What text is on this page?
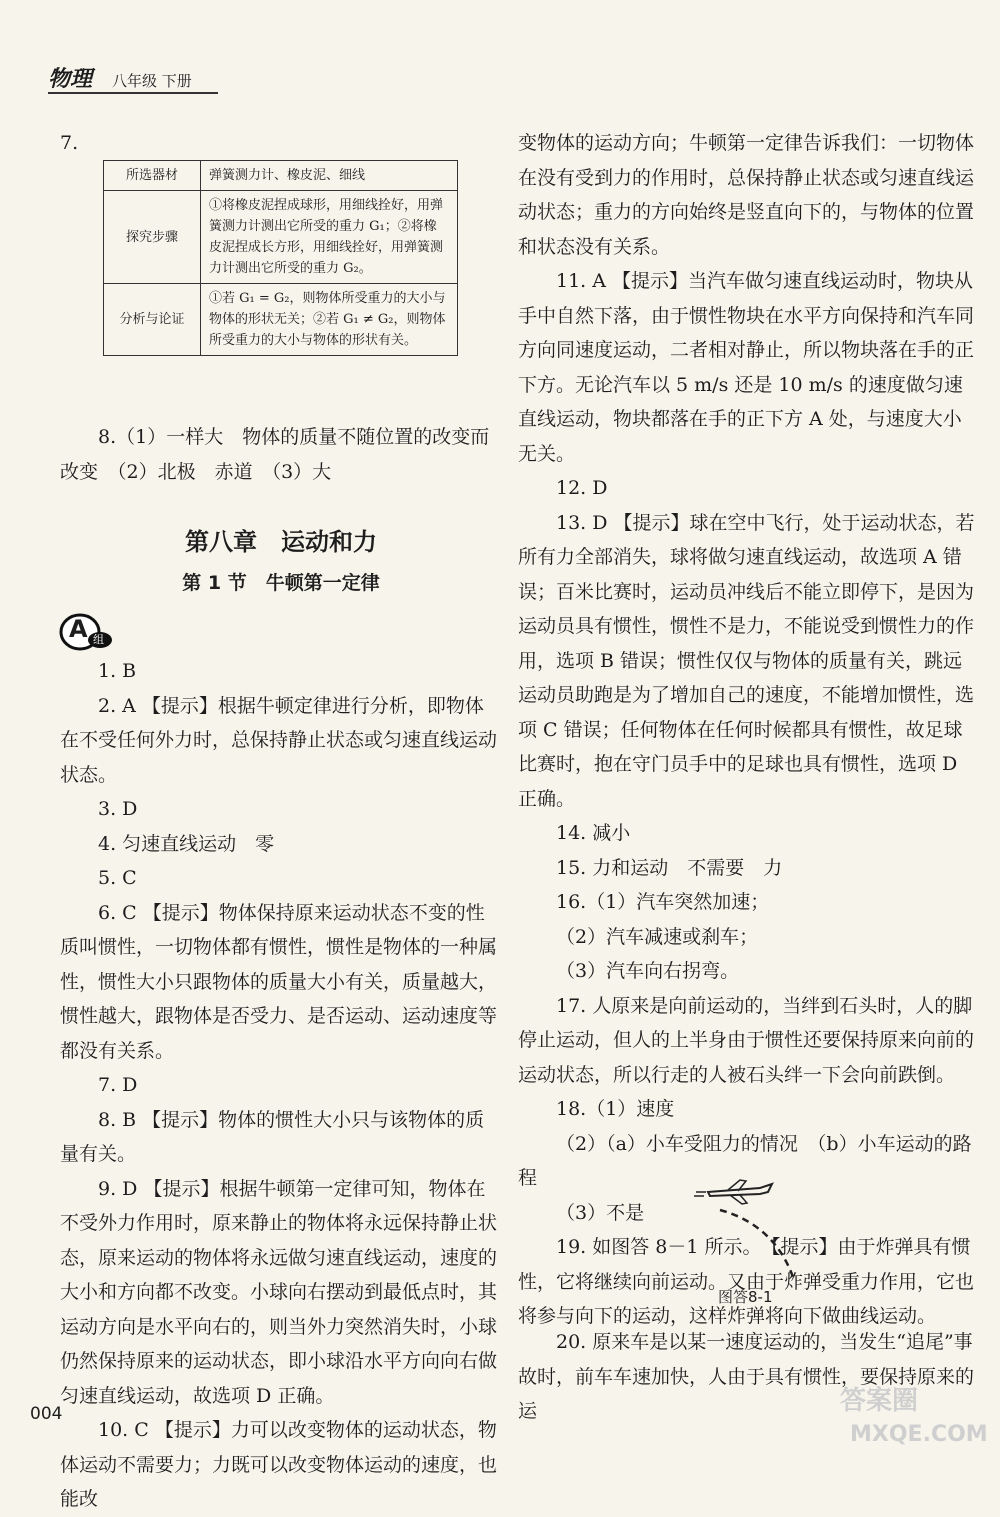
物理 八年级 下册
7.
所选器材	弹簧测力计、橡皮泥、细线
探究步骤	①将橡皮泥捏成球形，用细线拴好，用弹簧测力计测出它所受的重力 G₁；②将橡皮泥捏成长方形，用细线拴好，用弹簧测力计测出它所受的重力 G₂。
分析与论证	①若 G₁ = G₂，则物体所受重力的大小与物体的形状无关；②若 G₁ ≠ G₂，则物体所受重力的大小与物体的形状有关。

8.（1）一样大　物体的质量不随位置的改变而改变　（2）北极　赤道　（3）大

第八章　运动和力
第 1 节　牛顿第一定律
A 组

1. B

2. A 【提示】根据牛顿定律进行分析，即物体在不受任何外力时，总保持静止状态或匀速直线运动状态。

3. D

4. 匀速直线运动　零

5. C

6. C 【提示】物体保持原来运动状态不变的性质叫惯性，一切物体都有惯性，惯性是物体的一种属性，惯性大小只跟物体的质量大小有关，质量越大，惯性越大，跟物体是否受力、是否运动、运动速度等都没有关系。

7. D

8. B 【提示】物体的惯性大小只与该物体的质量有关。

9. D 【提示】根据牛顿第一定律可知，物体在不受外力作用时，原来静止的物体将永远保持静止状态，原来运动的物体将永远做匀速直线运动，速度的大小和方向都不改变。小球向右摆动到最低点时，其运动方向是水平向右的，则当外力突然消失时，小球仍然保持原来的运动状态，即小球沿水平方向向右做匀速直线运动，故选项 D 正确。

10. C 【提示】力可以改变物体的运动状态，物体运动不需要力；力既可以改变物体运动的速度，也能改

变物体的运动方向；牛顿第一定律告诉我们：一切物体在没有受到力的作用时，总保持静止状态或匀速直线运动状态；重力的方向始终是竖直向下的，与物体的位置和状态没有关系。

11. A 【提示】当汽车做匀速直线运动时，物块从手中自然下落，由于惯性物块在水平方向保持和汽车同方向同速度运动，二者相对静止，所以物块落在手的正下方。无论汽车以 5 m/s 还是 10 m/s 的速度做匀速直线运动，物块都落在手的正下方 A 处，与速度大小无关。

12. D

13. D 【提示】球在空中飞行，处于运动状态，若所有力全部消失，球将做匀速直线运动，故选项 A 错误；百米比赛时，运动员冲线后不能立即停下，是因为运动员具有惯性，惯性不是力，不能说受到惯性力的作用，选项 B 错误；惯性仅仅与物体的质量有关，跳远运动员助跑是为了增加自己的速度，不能增加惯性，选项 C 错误；任何物体在任何时候都具有惯性，故足球比赛时，抱在守门员手中的足球也具有惯性，选项 D 正确。

14. 减小

15. 力和运动　不需要　力

16.（1）汽车突然加速；

（2）汽车减速或刹车；

（3）汽车向右拐弯。

17. 人原来是向前运动的，当绊到石头时，人的脚停止运动，但人的上半身由于惯性还要保持原来向前的运动状态，所以行走的人被石头绊一下会向前跌倒。

18.（1）速度

（2）（a）小车受阻力的情况　（b）小车运动的路程

（3）不是

19. 如图答 8－1 所示。　【提示】由于炸弹具有惯性，它将继续向前运动。又由于炸弹受重力作用，它也将参与向下的运动，这样炸弹将向下做曲线运动。

图答8-1

20. 原来车是以某一速度运动的，当发生“追尾”事故时，前车车速加快，人由于具有惯性，要保持原来的运

004	答案圈
MXQE.COM
